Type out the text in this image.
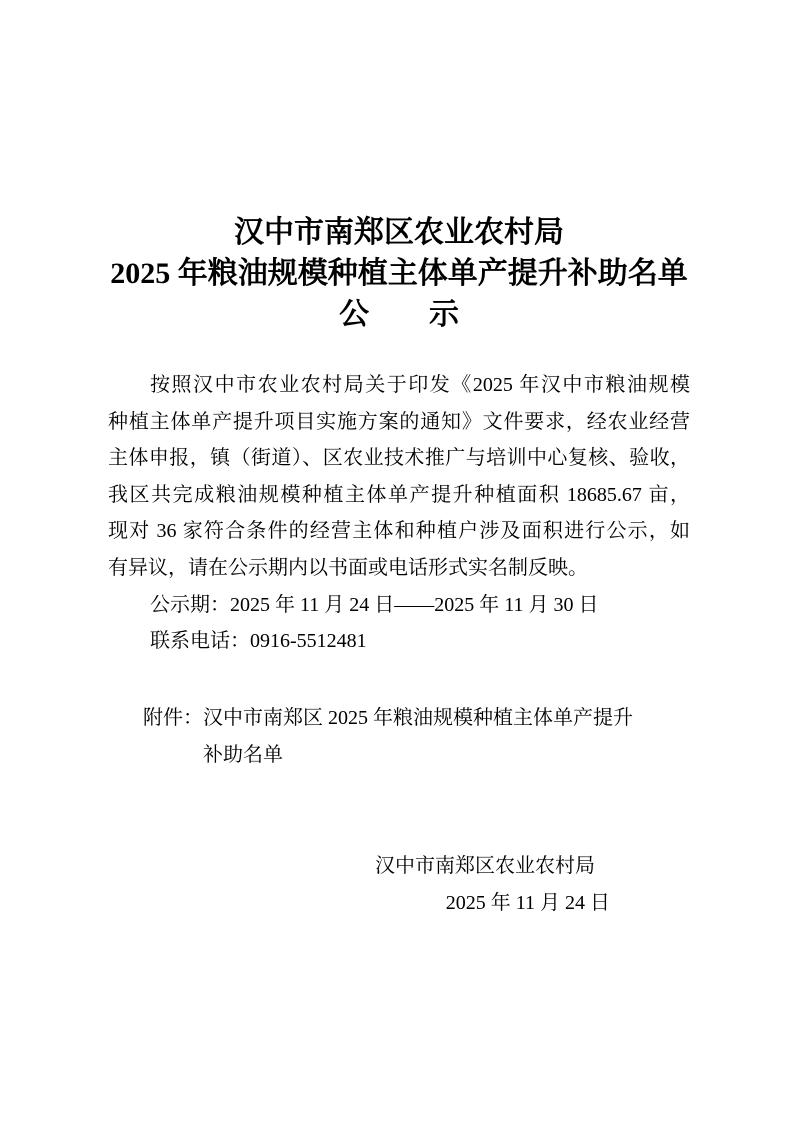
汉中市南郑区农业农村局
2025 年粮油规模种植主体单产提升补助名单
公　　示
按照汉中市农业农村局关于印发《2025 年汉中市粮油规模
种植主体单产提升项目实施方案的通知》文件要求，经农业经营
主体申报，镇（街道）、区农业技术推广与培训中心复核、验收，
我区共完成粮油规模种植主体单产提升种植面积 18685.67 亩，
现对 36 家符合条件的经营主体和种植户涉及面积进行公示，如
有异议，请在公示期内以书面或电话形式实名制反映。
公示期：2025 年 11 月 24 日——2025 年 11 月 30 日
联系电话：0916-5512481
附件： 汉中市南郑区 2025 年粮油规模种植主体单产提升
补助名单
汉中市南郑区农业农村局
2025 年 11 月 24 日
